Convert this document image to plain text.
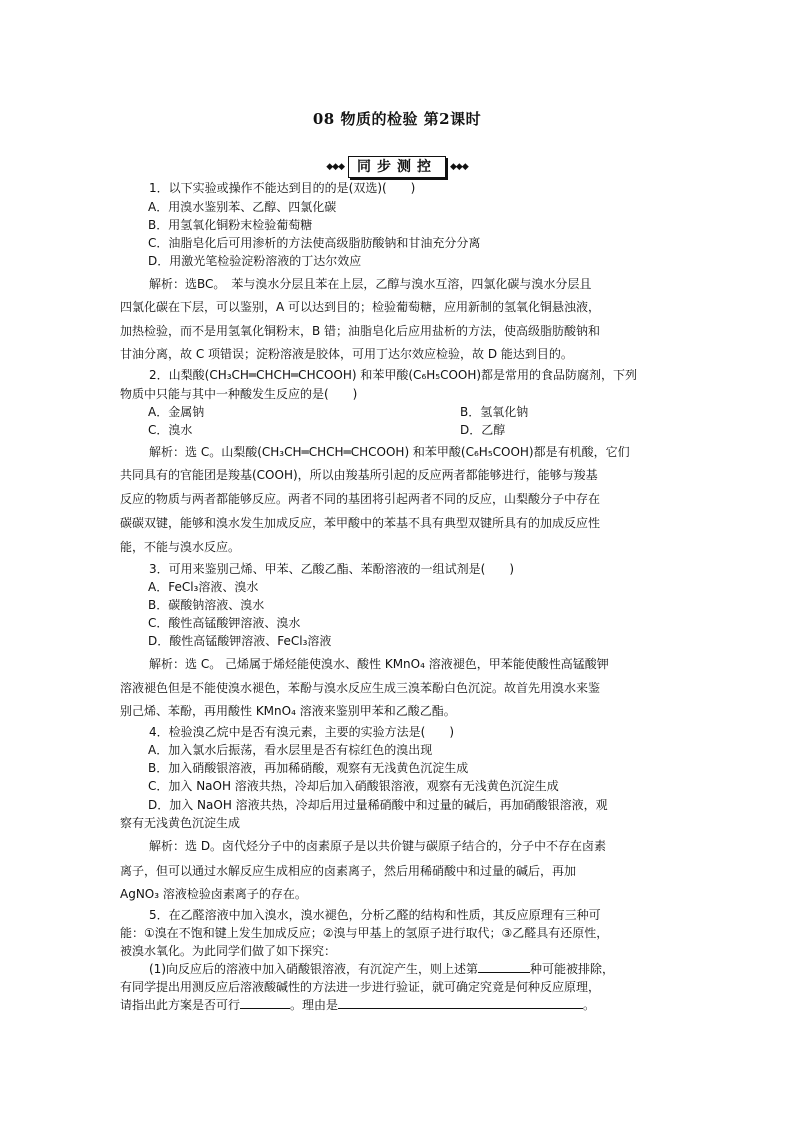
08 物质的检验 第2课时
◆◆◆ 同步测控	◆◆◆
1．以下实验或操作不能达到目的的是(双选)(　　)
A．用溴水鉴别苯、乙醇、四氯化碳
B．用氢氧化铜粉末检验葡萄糖
C．油脂皂化后可用渗析的方法使高级脂肪酸钠和甘油充分分离
D．用激光笔检验淀粉溶液的丁达尔效应
解析：选BC。　苯与溴水分层且苯在上层，乙醇与溴水互溶，四氯化碳与溴水分层且
四氯化碳在下层，可以鉴别，A 可以达到目的；检验葡萄糖，应用新制的氢氧化铜悬浊液，
加热检验，而不是用氢氧化铜粉末，B 错；油脂皂化后应用盐析的方法，使高级脂肪酸钠和
甘油分离，故 C 项错误；淀粉溶液是胶体，可用丁达尔效应检验，故 D 能达到目的。
2．山梨酸(CH₃CH═CHCH═CHCOOH) 和苯甲酸(C₆H₅COOH)都是常用的食品防腐剂，下列
物质中只能与其中一种酸发生反应的是(　　)
A．金属钠	B．氢氧化钠
C．溴水	D．乙醇
解析：选 C。山梨酸(CH₃CH═CHCH═CHCOOH) 和苯甲酸(C₆H₅COOH)都是有机酸，它们
共同具有的官能团是羧基(COOH)，所以由羧基所引起的反应两者都能够进行，能够与羧基
反应的物质与两者都能够反应。两者不同的基团将引起两者不同的反应，山梨酸分子中存在
碳碳双键，能够和溴水发生加成反应，苯甲酸中的苯基不具有典型双键所具有的加成反应性
能，不能与溴水反应。
3．可用来鉴别己烯、甲苯、乙酸乙酯、苯酚溶液的一组试剂是(　　)
A．FeCl₃溶液、溴水
B．碳酸钠溶液、溴水
C．酸性高锰酸钾溶液、溴水
D．酸性高锰酸钾溶液、FeCl₃溶液
解析：选 C。 己烯属于烯烃能使溴水、酸性 KMnO₄ 溶液褪色，甲苯能使酸性高锰酸钾
溶液褪色但是不能使溴水褪色，苯酚与溴水反应生成三溴苯酚白色沉淀。故首先用溴水来鉴
别己烯、苯酚，再用酸性 KMnO₄ 溶液来鉴别甲苯和乙酸乙酯。
4．检验溴乙烷中是否有溴元素，主要的实验方法是(　　)
A．加入氯水后振荡，看水层里是否有棕红色的溴出现
B．加入硝酸银溶液，再加稀硝酸，观察有无浅黄色沉淀生成
C．加入 NaOH 溶液共热，冷却后加入硝酸银溶液，观察有无浅黄色沉淀生成
D．加入 NaOH 溶液共热，冷却后用过量稀硝酸中和过量的碱后，再加硝酸银溶液，观
察有无浅黄色沉淀生成
解析：选 D。卤代烃分子中的卤素原子是以共价键与碳原子结合的，分子中不存在卤素
离子，但可以通过水解反应生成相应的卤素离子，然后用稀硝酸中和过量的碱后，再加
AgNO₃ 溶液检验卤素离子的存在。
5．在乙醛溶液中加入溴水，溴水褪色，分析乙醛的结构和性质，其反应原理有三种可
能：①溴在不饱和键上发生加成反应；②溴与甲基上的氢原子进行取代；③乙醛具有还原性，
被溴水氧化。为此同学们做了如下探究：
(1)向反应后的溶液中加入硝酸银溶液，有沉淀产生，则上述第	种可能被排除，
有同学提出用测反应后溶液酸碱性的方法进一步进行验证，就可确定究竟是何种反应原理，
请指出此方案是否可行	。理由是	。
